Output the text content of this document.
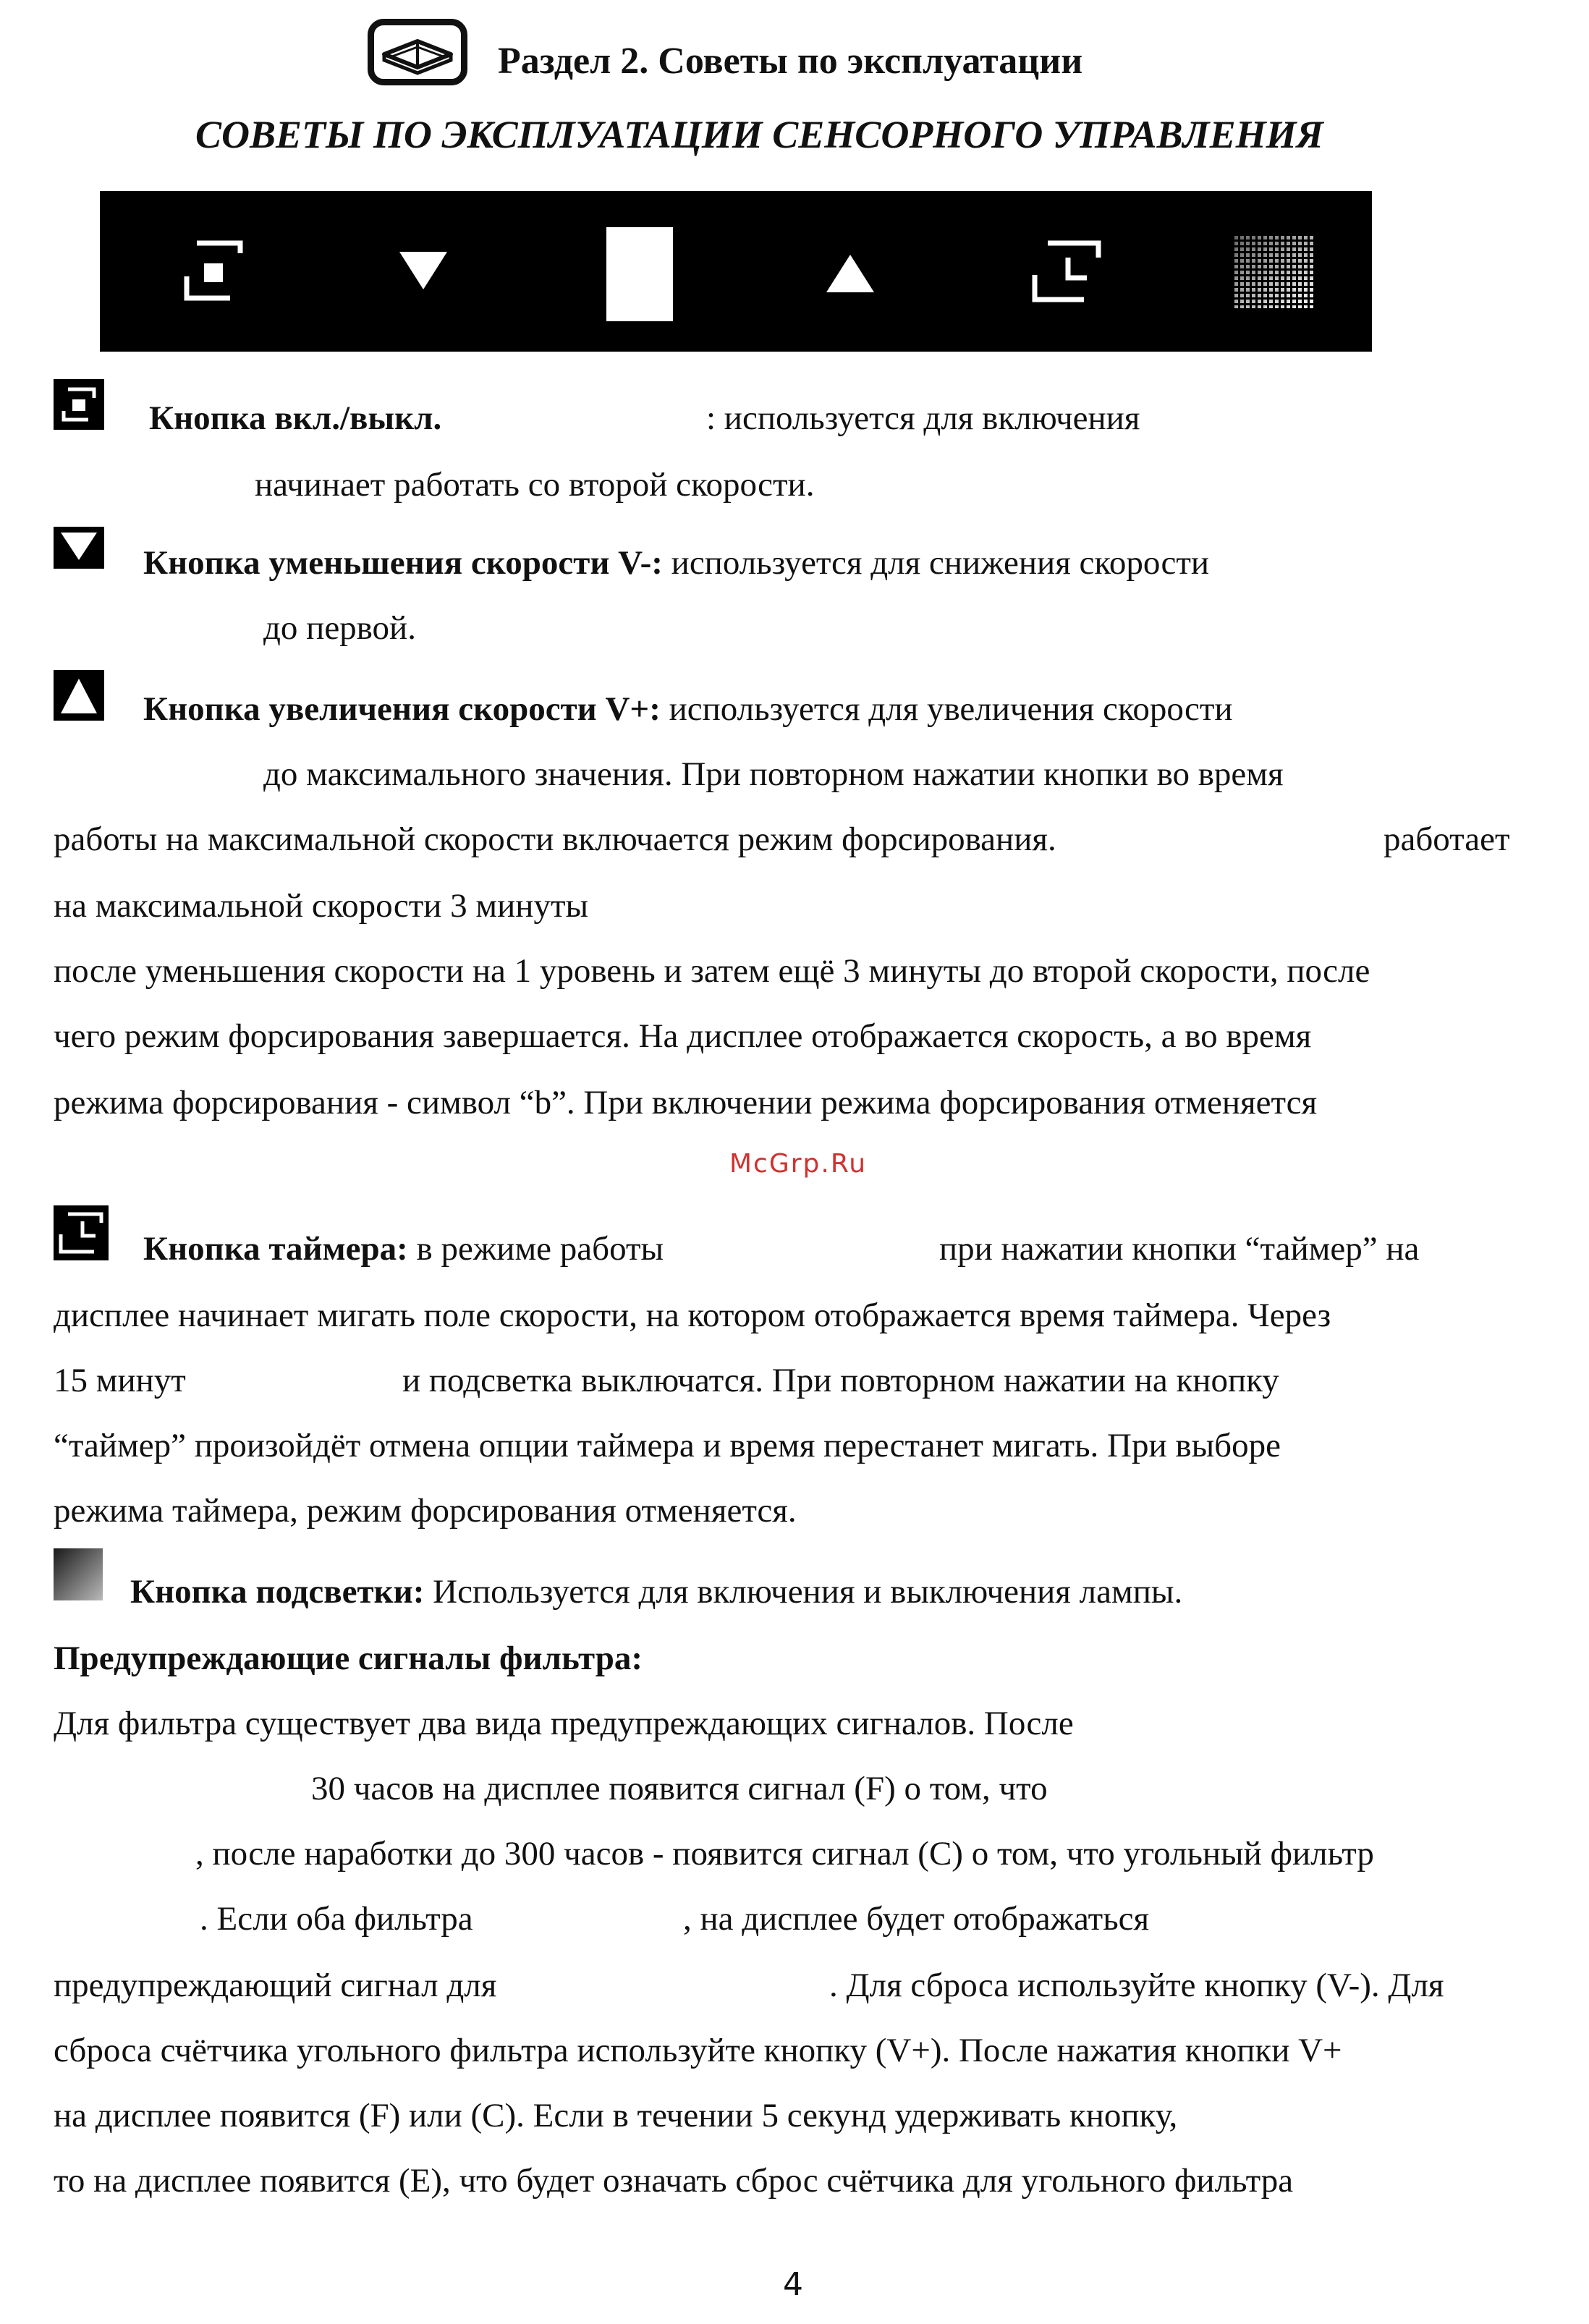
Раздел 2. Советы по эксплуатации
СОВЕТЫ ПО ЭКСПЛУАТАЦИИ СЕНСОРНОГО УПРАВЛЕНИЯ
Кнопка вкл./выкл.	: используется для включения
начинает работать со второй скорости.
Кнопка уменьшения скорости V-: используется для снижения скорости
до первой.
Кнопка увеличения скорости V+: используется для увеличения скорости
до максимального значения. При повторном нажатии кнопки во время
работы на максимальной скорости включается режим форсирования.	работает
на максимальной скорости 3 минуты
после уменьшения скорости на 1 уровень и затем ещё 3 минуты до второй скорости, после
чего режим форсирования завершается. На дисплее отображается скорость, а во время
режима форсирования - символ “b”. При включении режима форсирования отменяется
McGrp.Ru
Кнопка таймера: в режиме работы	при нажатии кнопки “таймер” на
дисплее начинает мигать поле скорости, на котором отображается время таймера. Через
15 минут	и подсветка выключатся. При повторном нажатии на кнопку
“таймер” произойдёт отмена опции таймера и время перестанет мигать. При выборе
режима таймера, режим форсирования отменяется.
Кнопка подсветки: Используется для включения и выключения лампы.
Предупреждающие сигналы фильтра:
Для фильтра существует два вида предупреждающих сигналов. После
30 часов на дисплее появится сигнал (F) о том, что
, после наработки до 300 часов - появится сигнал (C) о том, что угольный фильтр
. Если оба фильтра	, на дисплее будет отображаться
предупреждающий сигнал для	. Для сброса используйте кнопку (V-). Для
сброса счётчика угольного фильтра используйте кнопку (V+). После нажатия кнопки V+
на дисплее появится (F) или (C). Если в течении 5 секунд удерживать кнопку,
то на дисплее появится (E), что будет означать сброс счётчика для угольного фильтра
4
